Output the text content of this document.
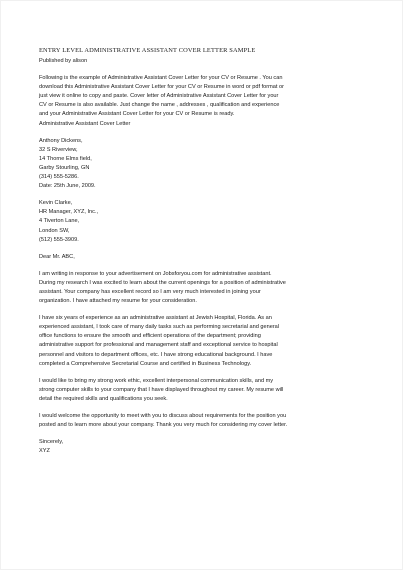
ENTRY LEVEL ADMINISTRATIVE ASSISTANT COVER LETTER SAMPLE
Published by alison
Following is the example of Administrative Assistant Cover Letter for your CV or Resume . You can
download this Administrative Assistant Cover Letter for your CV or Resume in word or pdf format or
just view it online to copy and paste. Cover letter of Administrative Assistant Cover Letter for your
CV or Resume is also available. Just change the name , addresses , qualification and experience
and your Administrative Assistant Cover Letter for your CV or Resume is ready.
Administrative Assistant Cover Letter
Anthony Dickens,
32 S Riverview,
14 Thorne Elms field,
Garby Stourling, GN
(314) 555-5286.
Date: 25th June, 2009.
Kevin Clarke,
HR Manager, XYZ, Inc.,
4 Tiverton Lane,
London SW,
(512) 555-3909.
Dear Mr. ABC,
I am writing in response to your advertisement on Jobsforyou.com for administrative assistant.
During my research I was excited to learn about the current openings for a position of administrative
assistant. Your company has excellent record so I am very much interested in joining your
organization. I have attached my resume for your consideration.
I have six years of experience as an administrative assistant at Jewish Hospital, Florida. As an
experienced assistant, I took care of many daily tasks such as performing secretarial and general
office functions to ensure the smooth and efficient operations of the department; providing
administrative support for professional and management staff and exceptional service to hospital
personnel and visitors to department offices, etc. I have strong educational background. I have
completed a Comprehensive Secretarial Course and certified in Business Technology.
I would like to bring my strong work ethic, excellent interpersonal communication skills, and my
strong computer skills to your company that I have displayed throughout my career. My resume will
detail the required skills and qualifications you seek.
I would welcome the opportunity to meet with you to discuss about requirements for the position you
posted and to learn more about your company. Thank you very much for considering my cover letter.
Sincerely,
XYZ
